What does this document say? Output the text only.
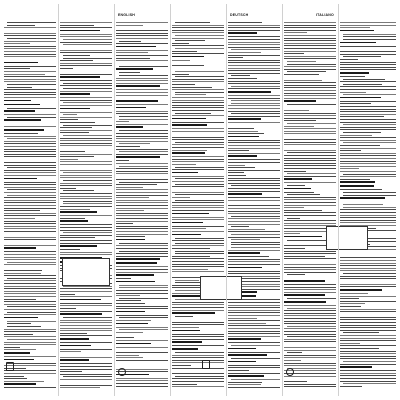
ENGLISH	DEUTSCH	ITALIANO
